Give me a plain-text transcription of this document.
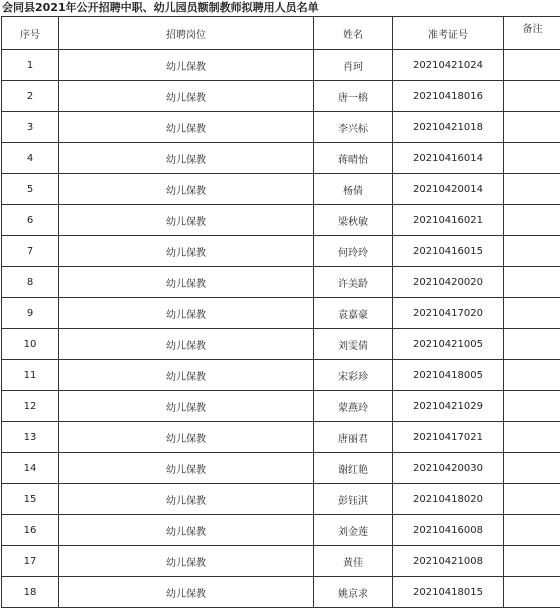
会同县2021年公开招聘中职、幼儿园员额制教师拟聘用人员名单
序号	招聘岗位	姓名	准考证号	备注
1	幼儿保教	肖珂	20210421024	
2	幼儿保教	唐一榕	20210418016	
3	幼儿保教	李兴标	20210421018	
4	幼儿保教	蒋晴怡	20210416014	
5	幼儿保教	杨倩	20210420014	
6	幼儿保教	梁秋敏	20210416021	
7	幼儿保教	何玲玲	20210416015	
8	幼儿保教	许美龄	20210420020	
9	幼儿保教	袁嘉豪	20210417020	
10	幼儿保教	刘雯倩	20210421005	
11	幼儿保教	宋彩珍	20210418005	
12	幼儿保教	蒙燕玲	20210421029	
13	幼儿保教	唐丽君	20210417021	
14	幼儿保教	谢红艳	20210420030	
15	幼儿保教	彭钰淇	20210418020	
16	幼儿保教	刘金莲	20210416008	
17	幼儿保教	黄佳	20210421008	
18	幼儿保教	姚京求	20210418015	
